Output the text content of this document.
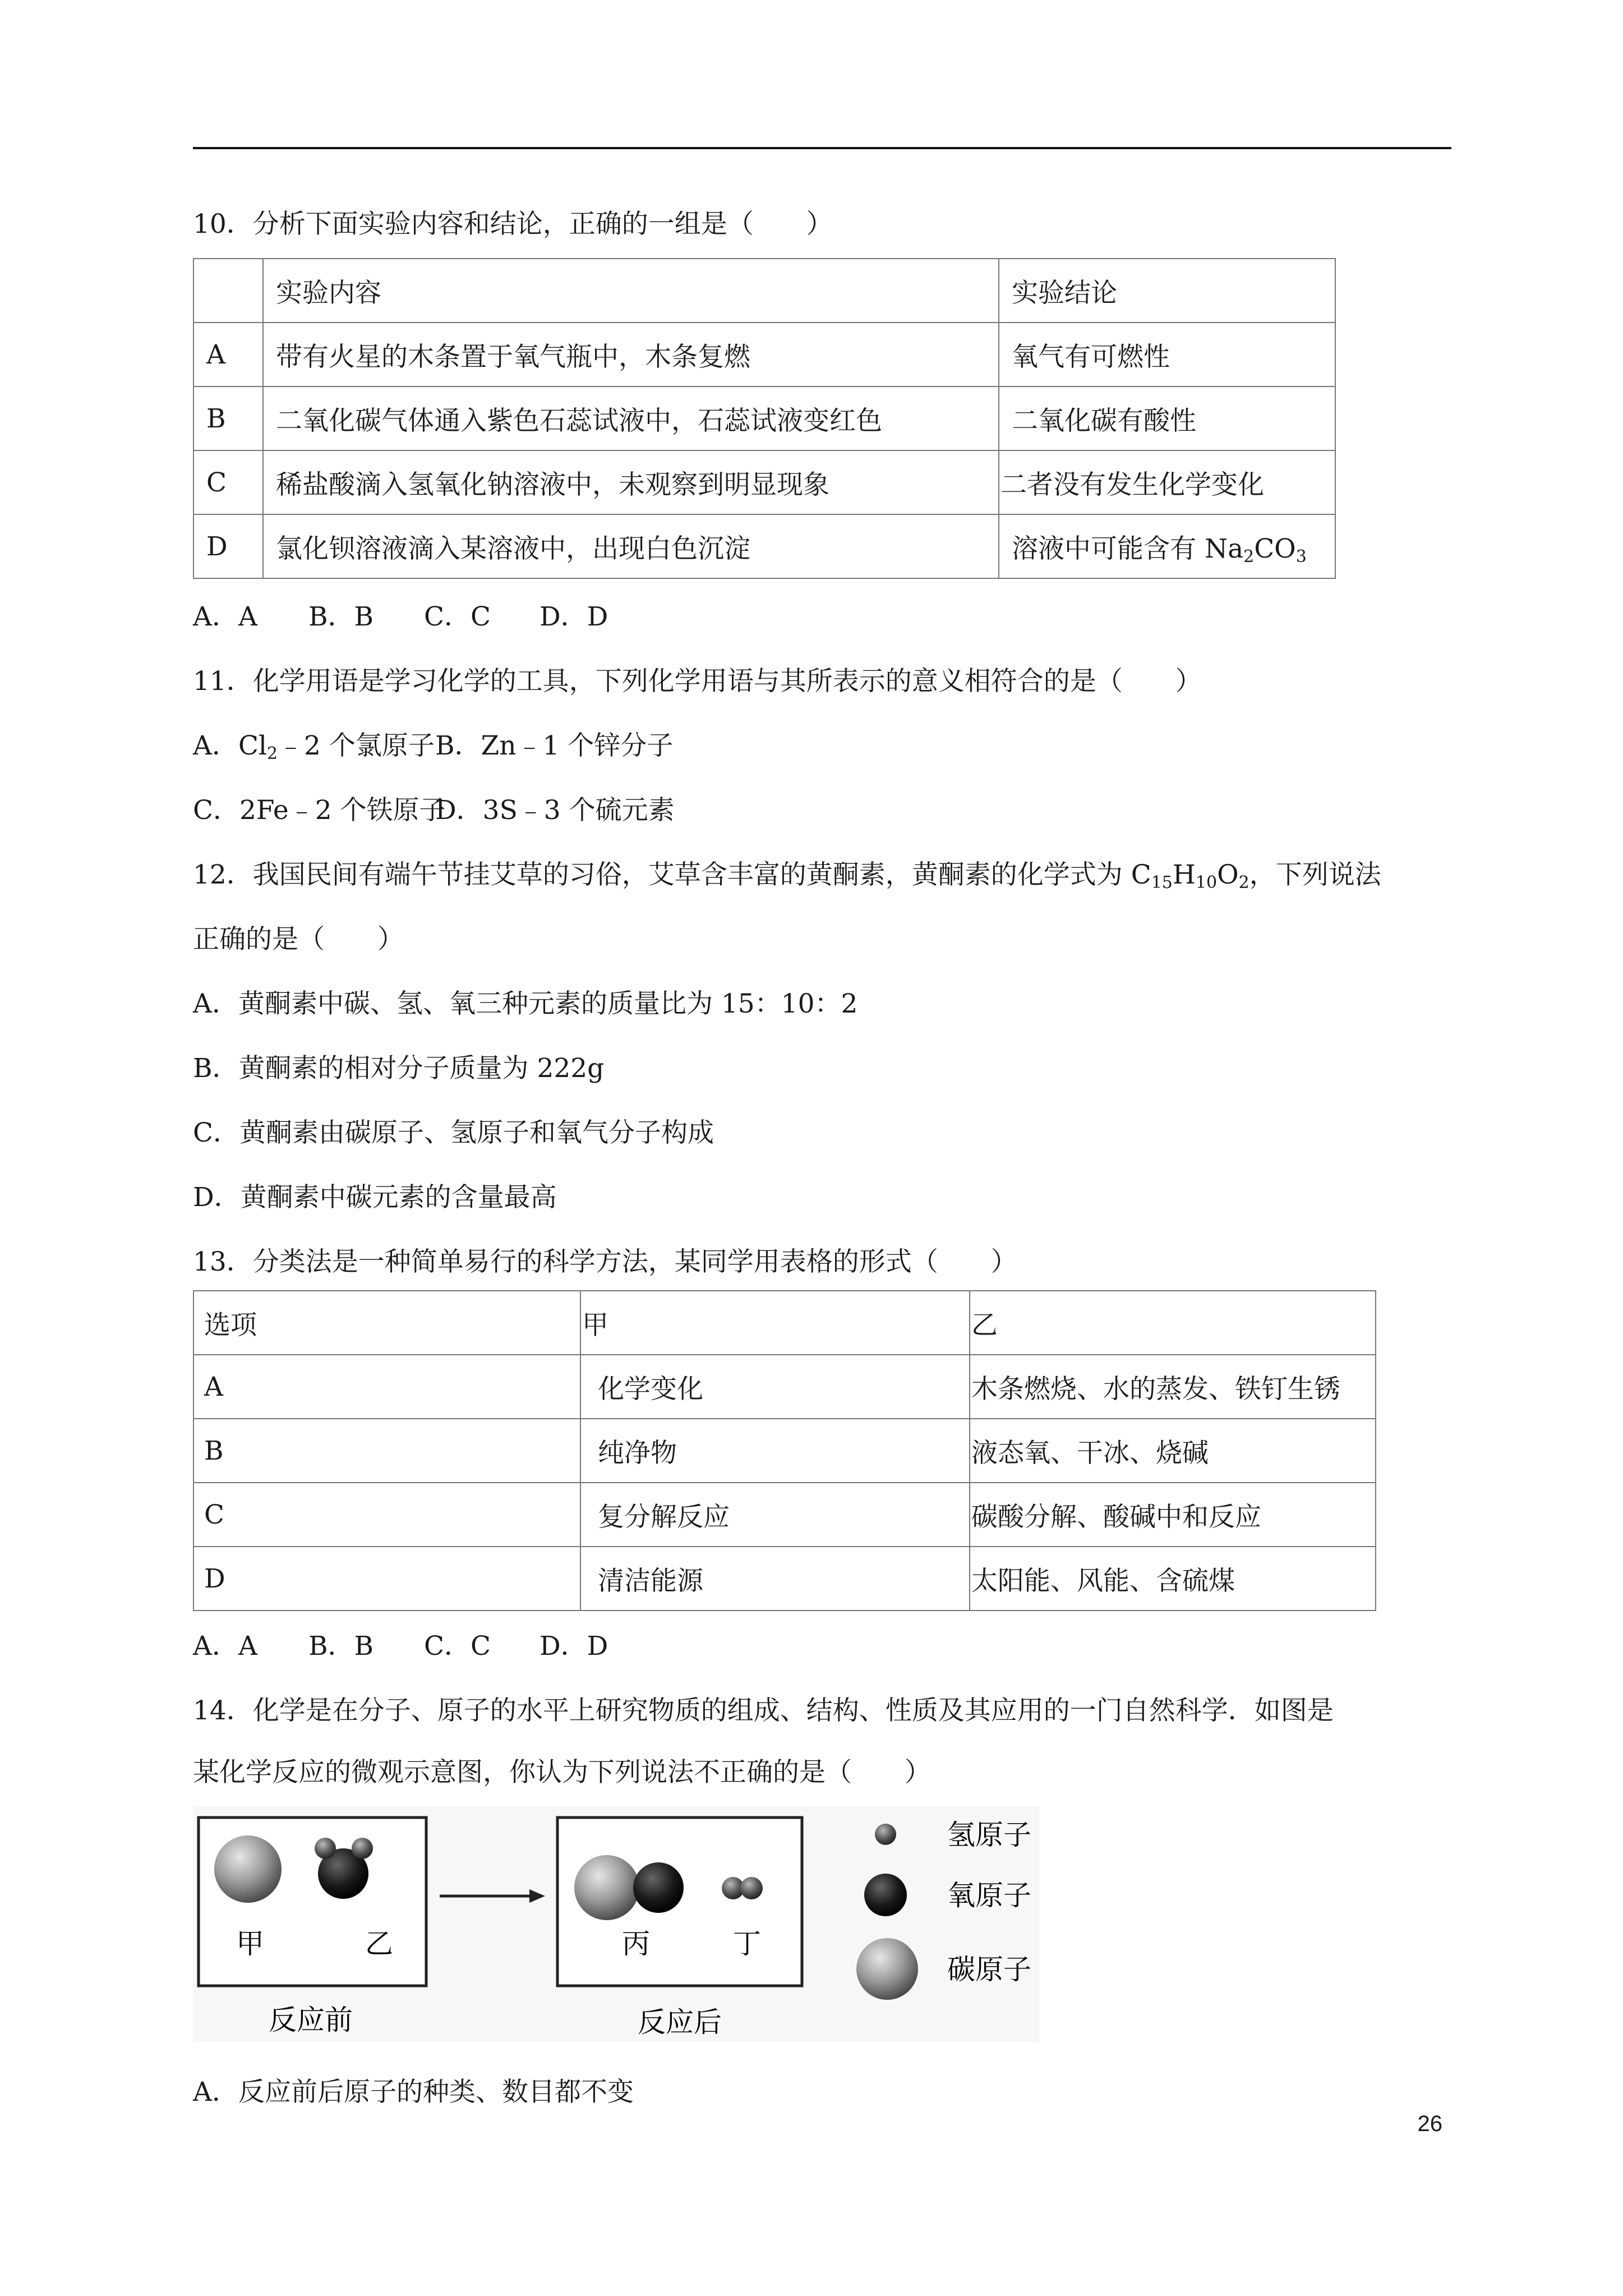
10．分析下面实验内容和结论，正确的一组是（　　）
	实验内容	实验结论
A	带有火星的木条置于氧气瓶中，木条复燃	氧气有可燃性
B	二氧化碳气体通入紫色石蕊试液中，石蕊试液变红色	二氧化碳有酸性
C	稀盐酸滴入氢氧化钠溶液中，未观察到明显现象	二者没有发生化学变化
D	氯化钡溶液滴入某溶液中，出现白色沉淀	溶液中可能含有 $Na_2CO_3$
A．A B．B C．C D．D
11．化学用语是学习化学的工具，下列化学用语与其所表示的意义相符合的是（　　）
A．$Cl_2﹣2$ 个氯原子B．Zn﹣1 个锌分子
C．2Fe﹣2 个铁原子D．3S﹣3 个硫元素
12．我国民间有端午节挂艾草的习俗，艾草含丰富的黄酮素，黄酮素的化学式为 $C_{15}H_{10}O_2$，下列说法
正确的是（　　）
A．黄酮素中碳、氢、氧三种元素的质量比为 15：10：2
B．黄酮素的相对分子质量为 222g
C．黄酮素由碳原子、氢原子和氧气分子构成
D．黄酮素中碳元素的含量最高
13．分类法是一种简单易行的科学方法，某同学用表格的形式（　　）
选项	甲	乙
A	化学变化	木条燃烧、水的蒸发、铁钉生锈
B	纯净物	液态氧、干冰、烧碱
C	复分解反应	碳酸分解、酸碱中和反应
D	清洁能源	太阳能、风能、含硫煤
A．A B．B C．C D．D
14．化学是在分子、原子的水平上研究物质的组成、结构、性质及其应用的一门自然科学．如图是
某化学反应的微观示意图，你认为下列说法不正确的是（　　）
甲	乙
反应前
丙	丁
反应后
氢原子
氧原子
碳原子
A．反应前后原子的种类、数目都不变
26
